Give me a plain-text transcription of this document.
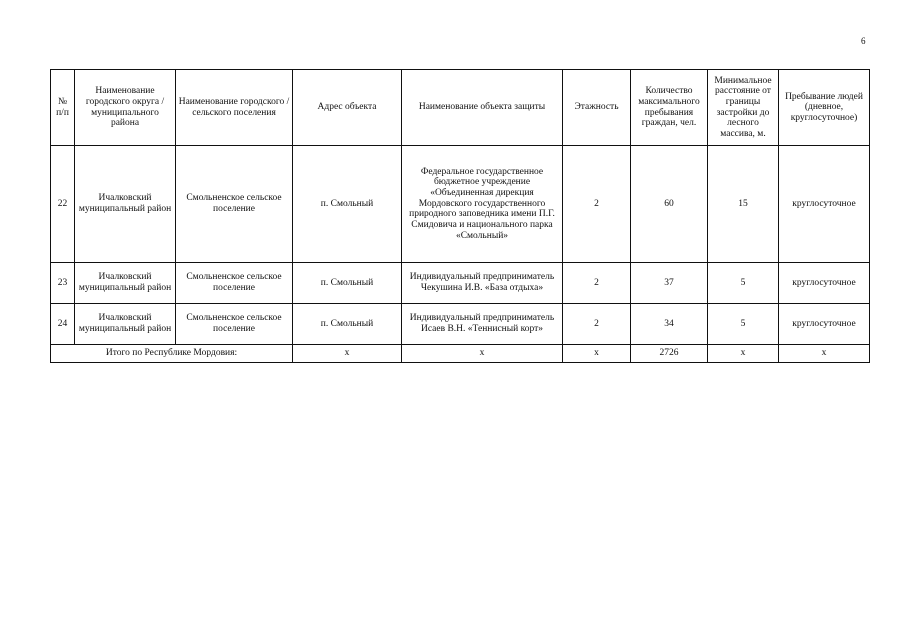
6
№ п/п	Наименование городского округа / муниципального района	Наименование городского / сельского поселения	Адрес объекта	Наименование объекта защиты	Этажность	Количество максимального пребывания граждан, чел.	Минимальное расстояние от границы застройки до лесного массива, м.	Пребывание людей (дневное, круглосуточное)
22	Ичалковский муниципальный район	Смольненское сельское поселение	п. Смольный	Федеральное государственное бюджетное учреждение «Объединенная дирекция Мордовского государственного природного заповедника имени П.Г. Смидовича и национального парка «Смольный»	2	60	15	круглосуточное
23	Ичалковский муниципальный район	Смольненское сельское поселение	п. Смольный	Индивидуальный предприниматель Чекушина И.В. «База отдыха»	2	37	5	круглосуточное
24	Ичалковский муниципальный район	Смольненское сельское поселение	п. Смольный	Индивидуальный предприниматель Исаев В.Н. «Теннисный корт»	2	34	5	круглосуточное
Итого по Республике Мордовия:			х	х	х	2726	х	х
